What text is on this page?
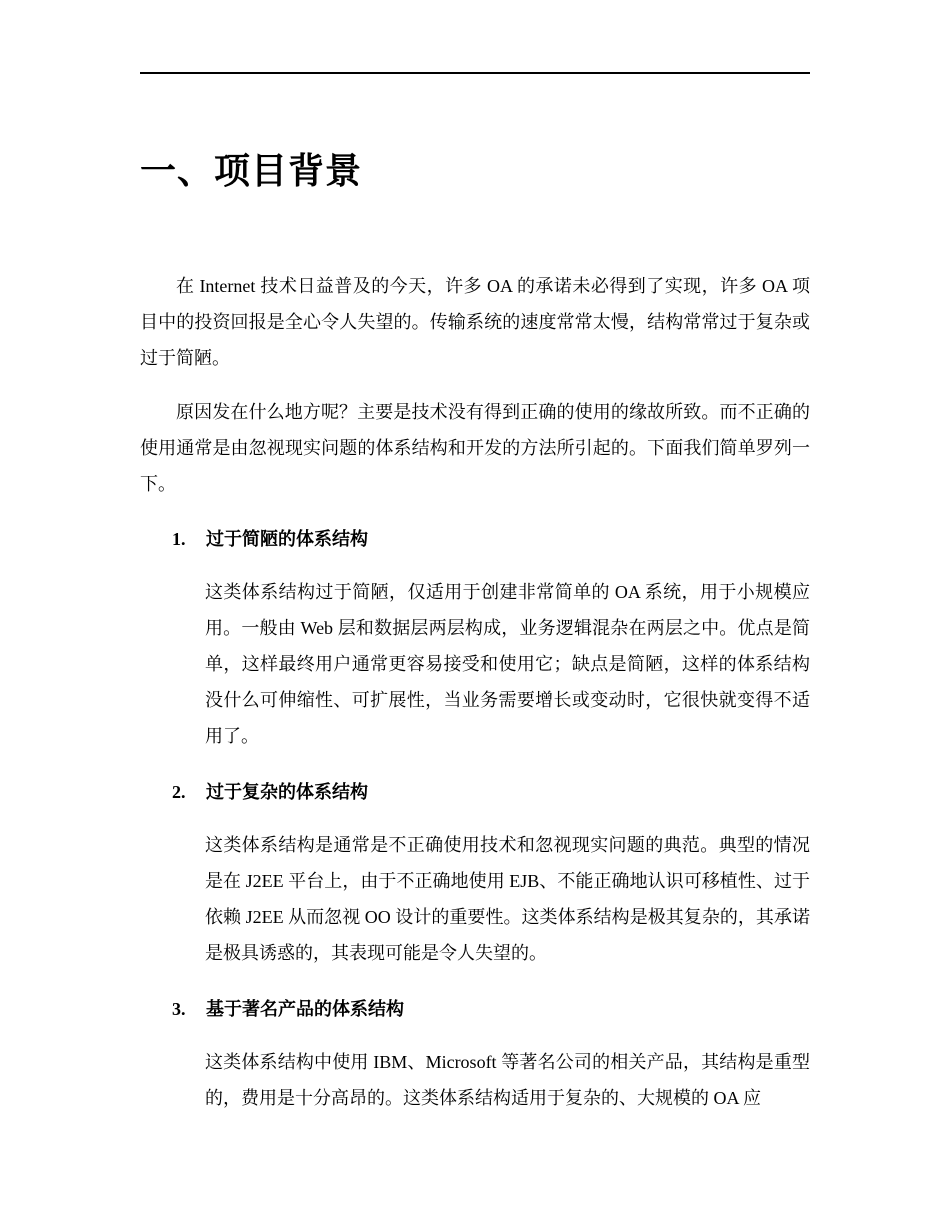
一、项目背景

在 Internet 技术日益普及的今天，许多 OA 的承诺未必得到了实现，许多 OA 项目中的投资回报是全心令人失望的。传输系统的速度常常太慢，结构常常过于复杂或过于简陋。

原因发在什么地方呢？主要是技术没有得到正确的使用的缘故所致。而不正确的使用通常是由忽视现实问题的体系结构和开发的方法所引起的。下面我们简单罗列一下。

1.	过于简陋的体系结构

这类体系结构过于简陋，仅适用于创建非常简单的 OA 系统，用于小规模应用。一般由 Web 层和数据层两层构成，业务逻辑混杂在两层之中。优点是简单，这样最终用户通常更容易接受和使用它；缺点是简陋，这样的体系结构没什么可伸缩性、可扩展性，当业务需要增长或变动时，它很快就变得不适用了。

2.	过于复杂的体系结构

这类体系结构是通常是不正确使用技术和忽视现实问题的典范。典型的情况是在 J2EE 平台上，由于不正确地使用 EJB、不能正确地认识可移植性、过于依赖 J2EE 从而忽视 OO 设计的重要性。这类体系结构是极其复杂的，其承诺是极具诱惑的，其表现可能是令人失望的。

3.	基于著名产品的体系结构

这类体系结构中使用 IBM、Microsoft 等著名公司的相关产品，其结构是重型的，费用是十分高昂的。这类体系结构适用于复杂的、大规模的 OA 应
